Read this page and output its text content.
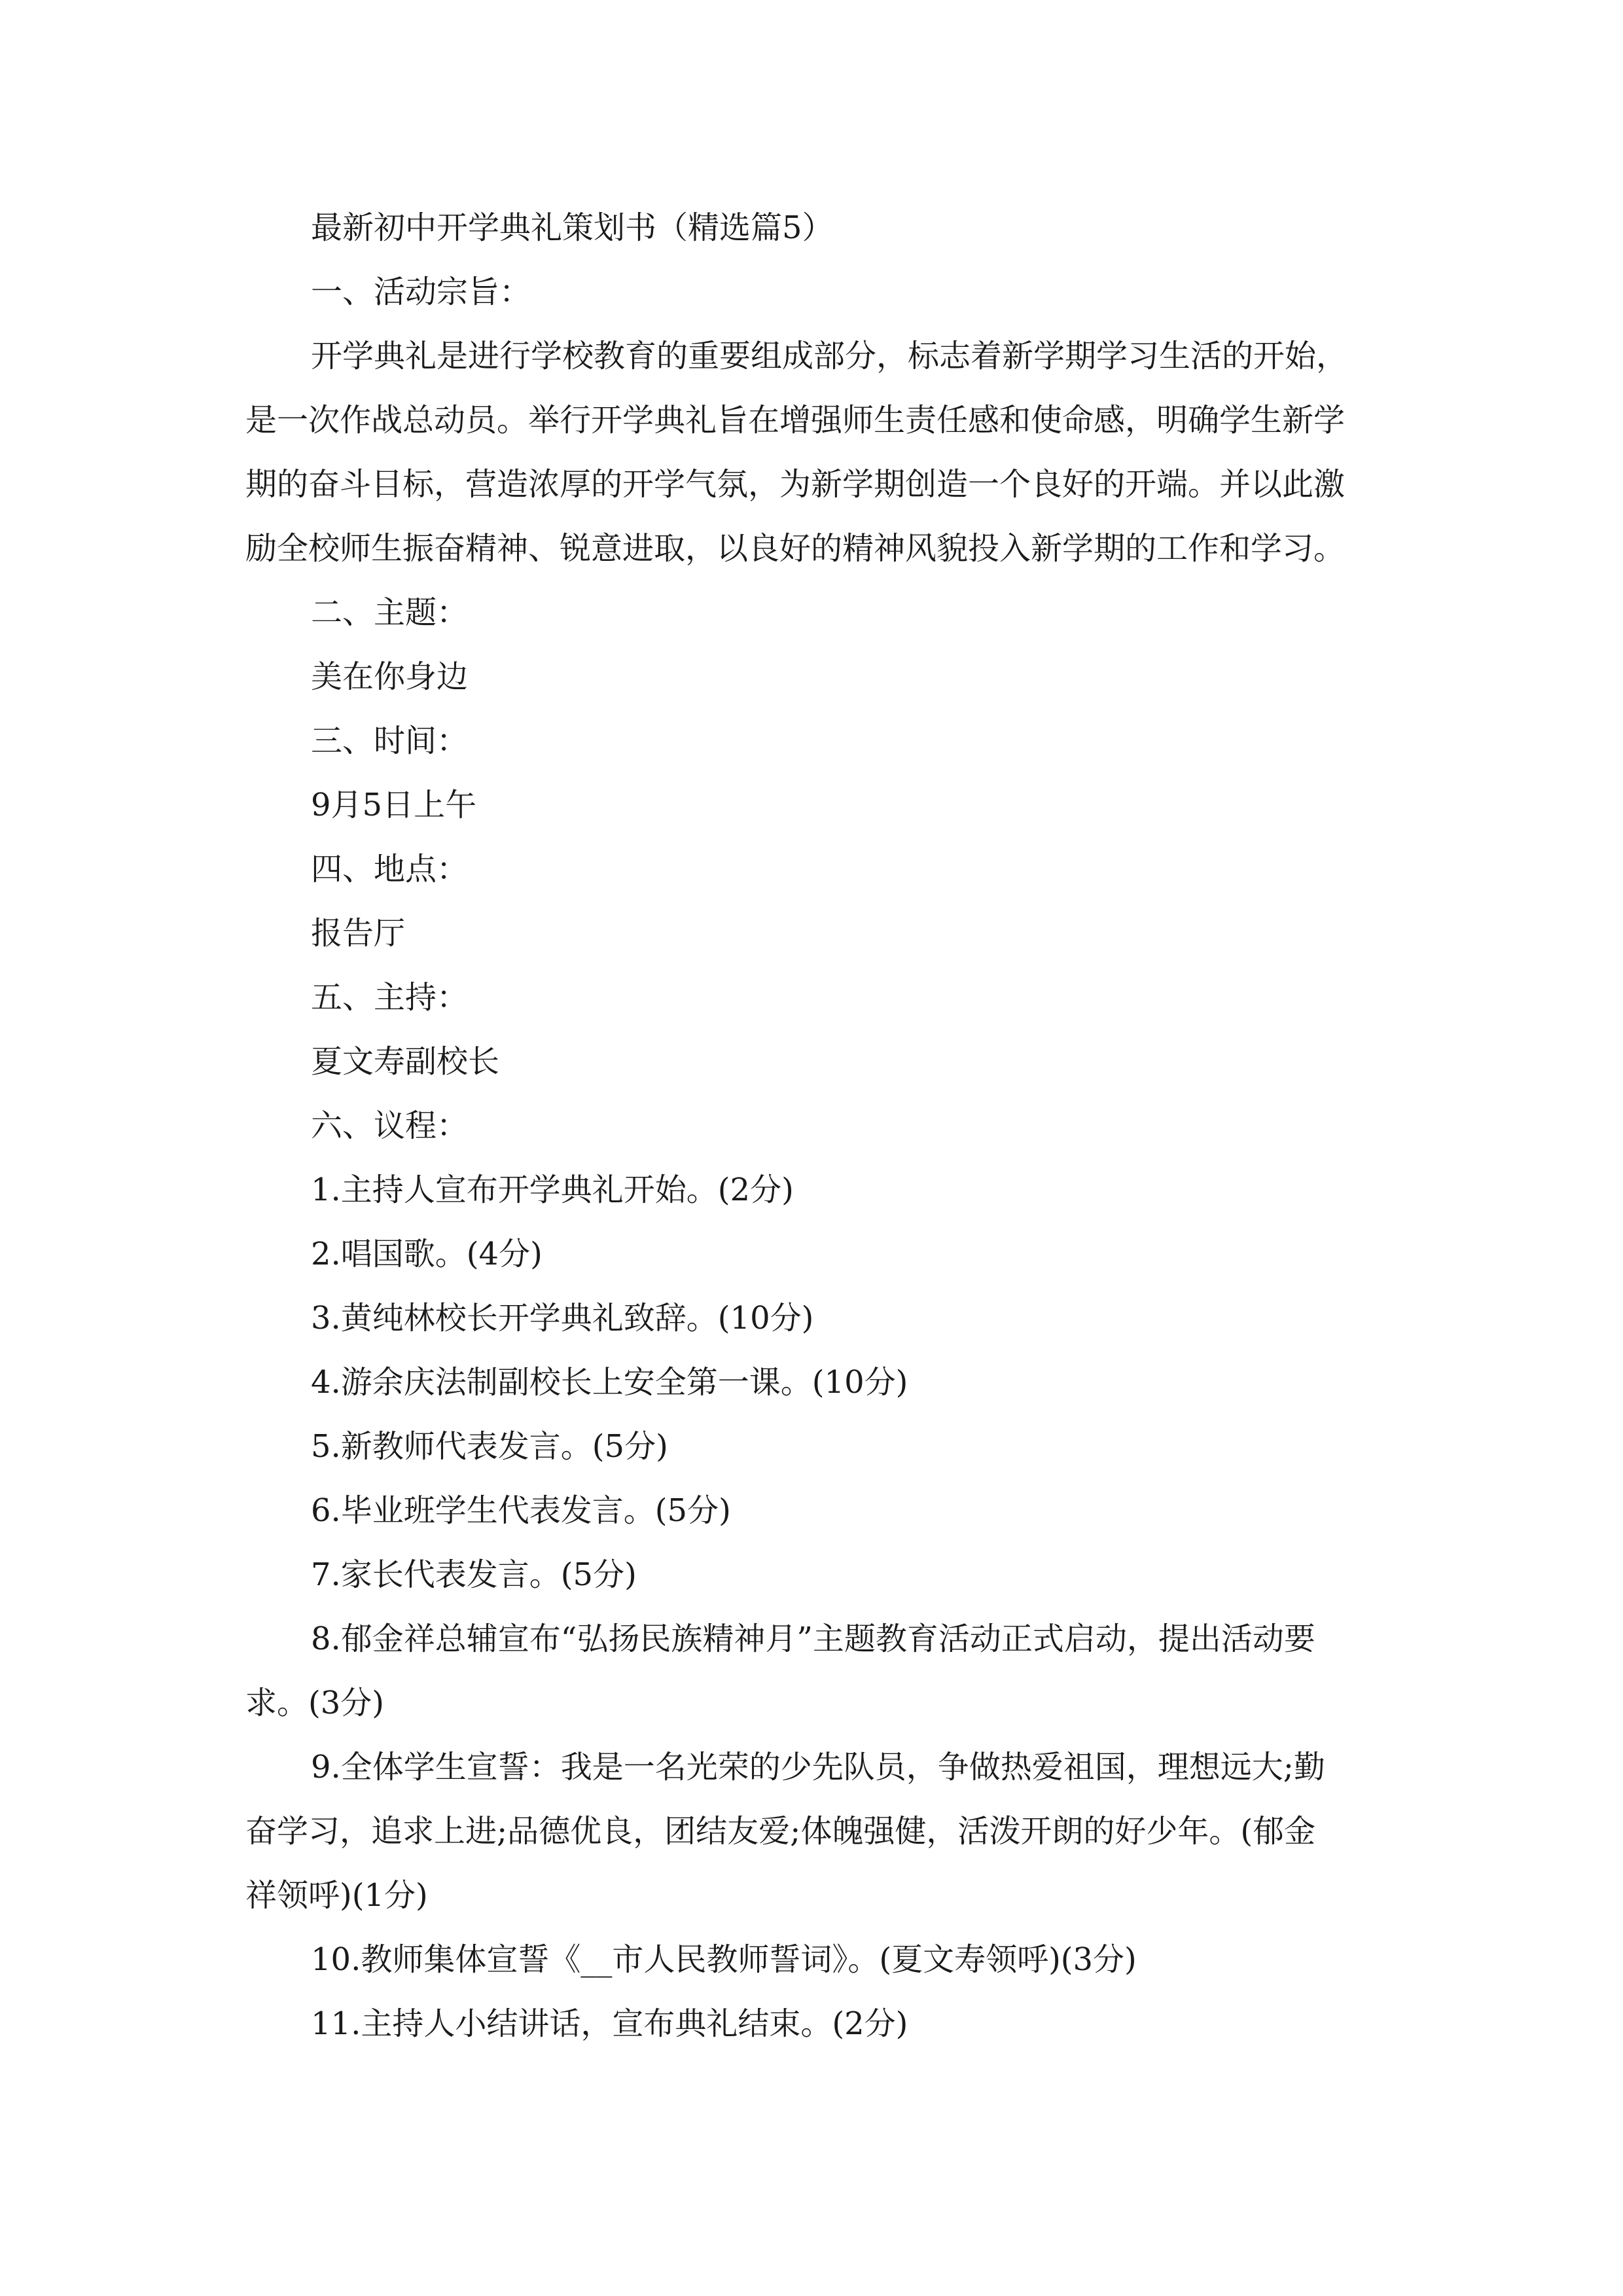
最新初中开学典礼策划书（精选篇5）

一、活动宗旨：

开学典礼是进行学校教育的重要组成部分，标志着新学期学习生活的开始，

是一次作战总动员。举行开学典礼旨在增强师生责任感和使命感，明确学生新学

期的奋斗目标，营造浓厚的开学气氛，为新学期创造一个良好的开端。并以此激

励全校师生振奋精神、锐意进取，以良好的精神风貌投入新学期的工作和学习。

二、主题：

美在你身边

三、时间：

9月5日上午

四、地点：

报告厅

五、主持：

夏文寿副校长

六、议程：

1.主持人宣布开学典礼开始。(2分)

2.唱国歌。(4分)

3.黄纯林校长开学典礼致辞。(10分)

4.游余庆法制副校长上安全第一课。(10分)

5.新教师代表发言。(5分)

6.毕业班学生代表发言。(5分)

7.家长代表发言。(5分)

8.郁金祥总辅宣布“弘扬民族精神月”主题教育活动正式启动，提出活动要

求。(3分)

9.全体学生宣誓：我是一名光荣的少先队员，争做热爱祖国，理想远大;勤

奋学习，追求上进;品德优良，团结友爱;体魄强健，活泼开朗的好少年。(郁金

祥领呼)(1分)

10.教师集体宣誓《__市人民教师誓词》。(夏文寿领呼)(3分)

11.主持人小结讲话，宣布典礼结束。(2分)
